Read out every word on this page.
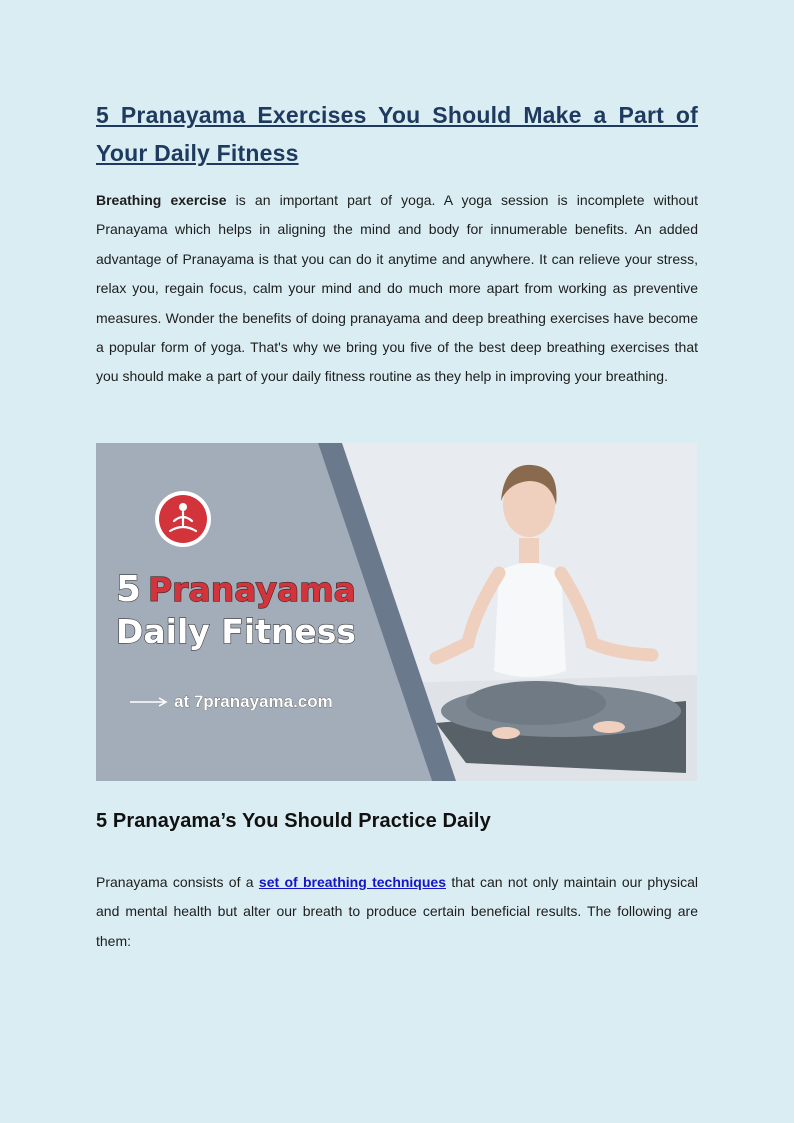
5 Pranayama Exercises You Should Make a Part of Your Daily Fitness

Breathing exercise is an important part of yoga. A yoga session is incomplete without Pranayama which helps in aligning the mind and body for innumerable benefits. An added advantage of Pranayama is that you can do it anytime and anywhere. It can relieve your stress, relax you, regain focus, calm your mind and do much more apart from working as preventive measures. Wonder the benefits of doing pranayama and deep breathing exercises have become a popular form of yoga. That's why we bring you five of the best deep breathing exercises that you should make a part of your daily fitness routine as they help in improving your breathing.

5 Pranayama
Daily Fitness
at 7pranayama.com
5 Pranayama’s You Should Practice Daily

Pranayama consists of a set of breathing techniques that can not only maintain our physical and mental health but alter our breath to produce certain beneficial results. The following are them:
